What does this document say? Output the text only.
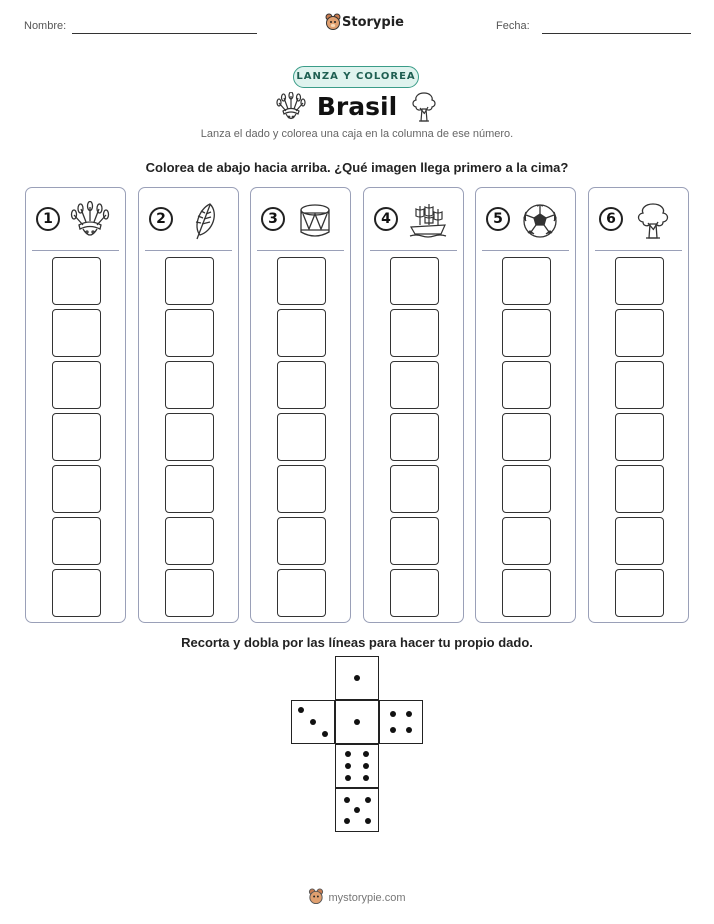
Nombre:	Storypie	Fecha:
LANZA Y COLOREA
Brasil
Lanza el dado y colorea una caja en la columna de ese número.
Colorea de abajo hacia arriba. ¿Qué imagen llega primero a la cima?
1	2	3	4	5	6
Recorta y dobla por las líneas para hacer tu propio dado.
mystorypie.com
